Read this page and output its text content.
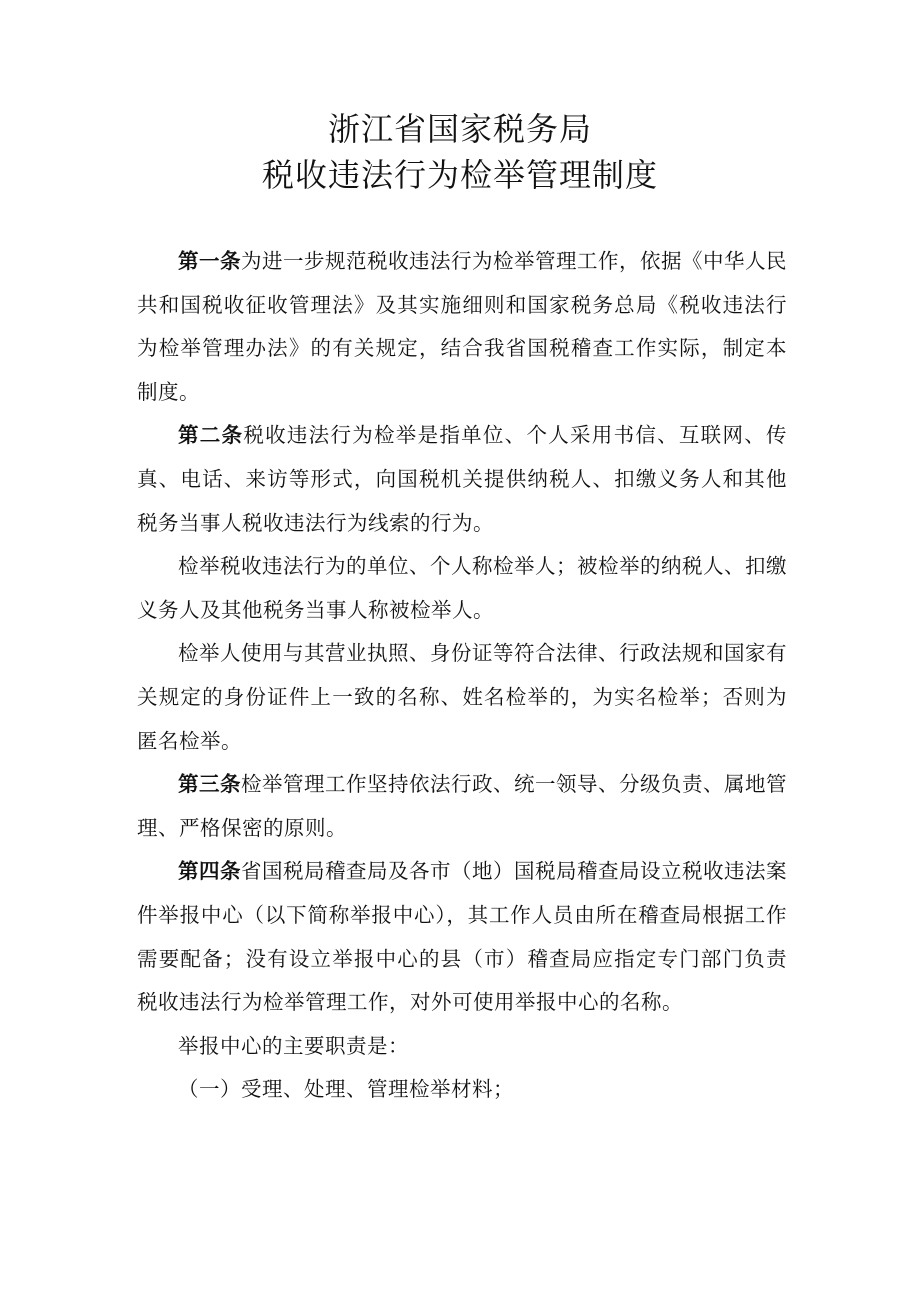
浙江省国家税务局
税收违法行为检举管理制度

第一条为进一步规范税收违法行为检举管理工作，依据《中华人民共和国税收征收管理法》及其实施细则和国家税务总局《税收违法行为检举管理办法》的有关规定，结合我省国税稽查工作实际，制定本制度。

第二条税收违法行为检举是指单位、个人采用书信、互联网、传真、电话、来访等形式，向国税机关提供纳税人、扣缴义务人和其他税务当事人税收违法行为线索的行为。

检举税收违法行为的单位、个人称检举人；被检举的纳税人、扣缴义务人及其他税务当事人称被检举人。

检举人使用与其营业执照、身份证等符合法律、行政法规和国家有关规定的身份证件上一致的名称、姓名检举的，为实名检举；否则为匿名检举。

第三条检举管理工作坚持依法行政、统一领导、分级负责、属地管理、严格保密的原则。

第四条省国税局稽查局及各市（地）国税局稽查局设立税收违法案件举报中心（以下简称举报中心），其工作人员由所在稽查局根据工作需要配备；没有设立举报中心的县（市）稽查局应指定专门部门负责税收违法行为检举管理工作，对外可使用举报中心的名称。

举报中心的主要职责是：

（一）受理、处理、管理检举材料；
